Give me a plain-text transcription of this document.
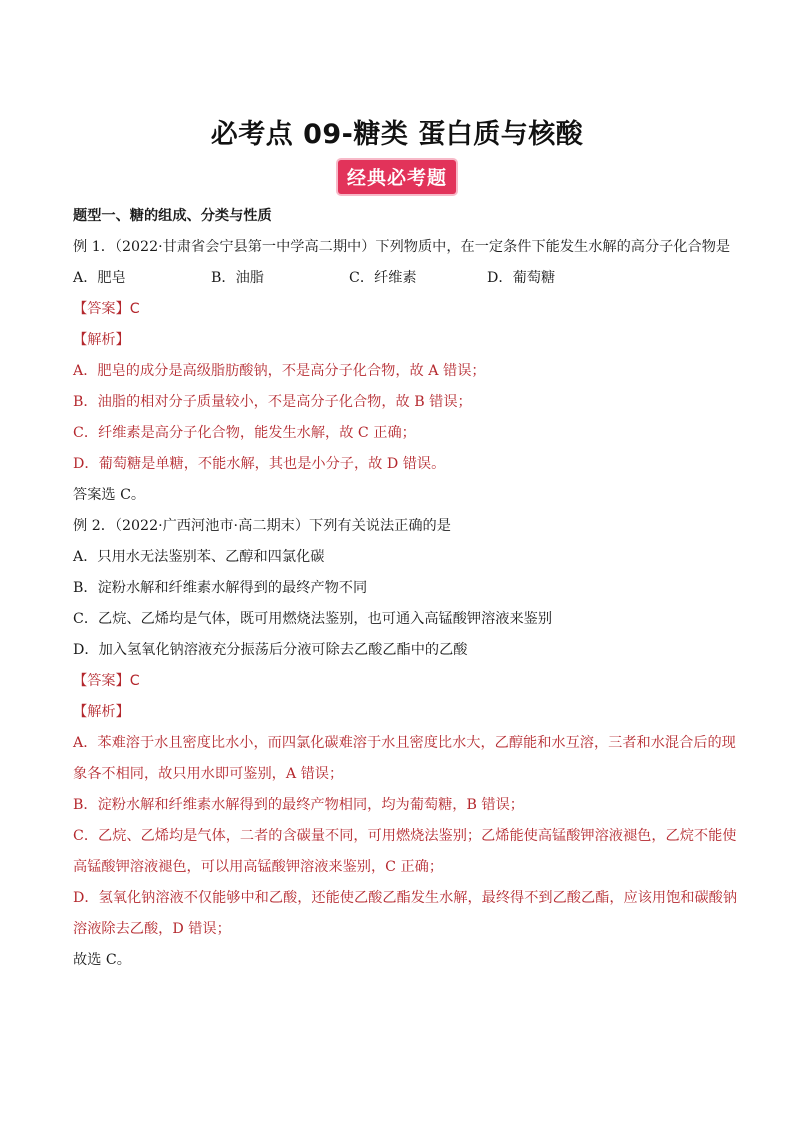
必考点 09-糖类 蛋白质与核酸
经典必考题

题型一、糖的组成、分类与性质

例 1．（2022·甘肃省会宁县第一中学高二期中）下列物质中，在一定条件下能发生水解的高分子化合物是

A．肥皂	B．油脂	C．纤维素	D．葡萄糖

【答案】C

【解析】

A．肥皂的成分是高级脂肪酸钠，不是高分子化合物，故 A 错误；

B．油脂的相对分子质量较小，不是高分子化合物，故 B 错误；

C．纤维素是高分子化合物，能发生水解，故 C 正确；

D．葡萄糖是单糖，不能水解，其也是小分子，故 D 错误。

答案选 C。

例 2．（2022·广西河池市·高二期末）下列有关说法正确的是

A．只用水无法鉴别苯、乙醇和四氯化碳

B．淀粉水解和纤维素水解得到的最终产物不同

C．乙烷、乙烯均是气体，既可用燃烧法鉴别，也可通入高锰酸钾溶液来鉴别

D．加入氢氧化钠溶液充分振荡后分液可除去乙酸乙酯中的乙酸

【答案】C

【解析】

A．苯难溶于水且密度比水小，而四氯化碳难溶于水且密度比水大，乙醇能和水互溶，三者和水混合后的现

象各不相同，故只用水即可鉴别，A 错误；

B．淀粉水解和纤维素水解得到的最终产物相同，均为葡萄糖，B 错误；

C．乙烷、乙烯均是气体，二者的含碳量不同，可用燃烧法鉴别；乙烯能使高锰酸钾溶液褪色，乙烷不能使

高锰酸钾溶液褪色，可以用高锰酸钾溶液来鉴别，C 正确；

D．氢氧化钠溶液不仅能够中和乙酸，还能使乙酸乙酯发生水解，最终得不到乙酸乙酯，应该用饱和碳酸钠

溶液除去乙酸，D 错误；

故选 C。
